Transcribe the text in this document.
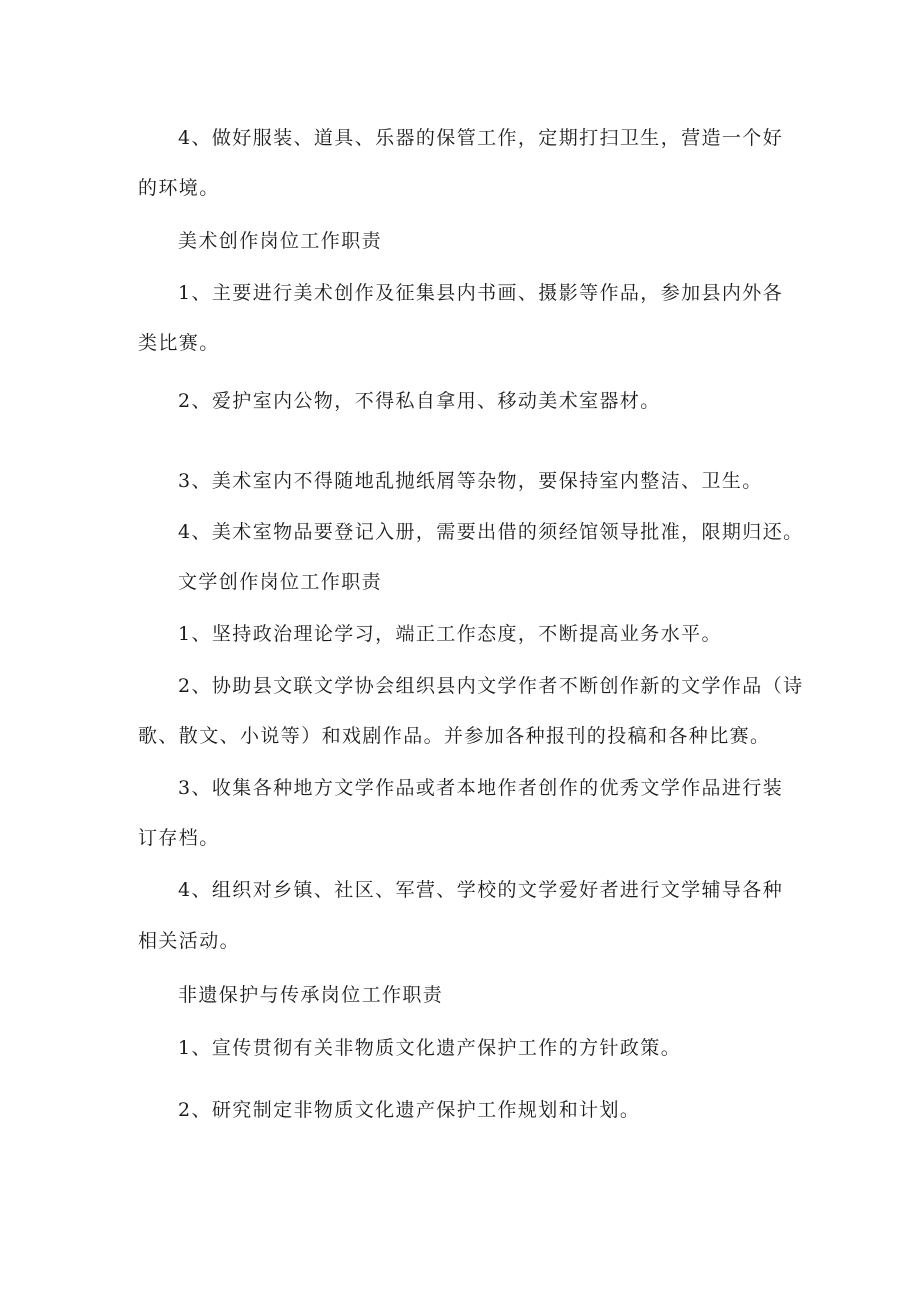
4、做好服装、道具、乐器的保管工作，定期打扫卫生，营造一个好
的环境。
美术创作岗位工作职责
1、主要进行美术创作及征集县内书画、摄影等作品，参加县内外各
类比赛。
2、爱护室内公物，不得私自拿用、移动美术室器材。
3、美术室内不得随地乱抛纸屑等杂物，要保持室内整洁、卫生。
4、美术室物品要登记入册，需要出借的须经馆领导批准，限期归还。
文学创作岗位工作职责
1、坚持政治理论学习，端正工作态度，不断提高业务水平。
2、协助县文联文学协会组织县内文学作者不断创作新的文学作品（诗
歌、散文、小说等）和戏剧作品。并参加各种报刊的投稿和各种比赛。
3、收集各种地方文学作品或者本地作者创作的优秀文学作品进行装
订存档。
4、组织对乡镇、社区、军营、学校的文学爱好者进行文学辅导各种
相关活动。
非遗保护与传承岗位工作职责
1、宣传贯彻有关非物质文化遗产保护工作的方针政策。
2、研究制定非物质文化遗产保护工作规划和计划。
